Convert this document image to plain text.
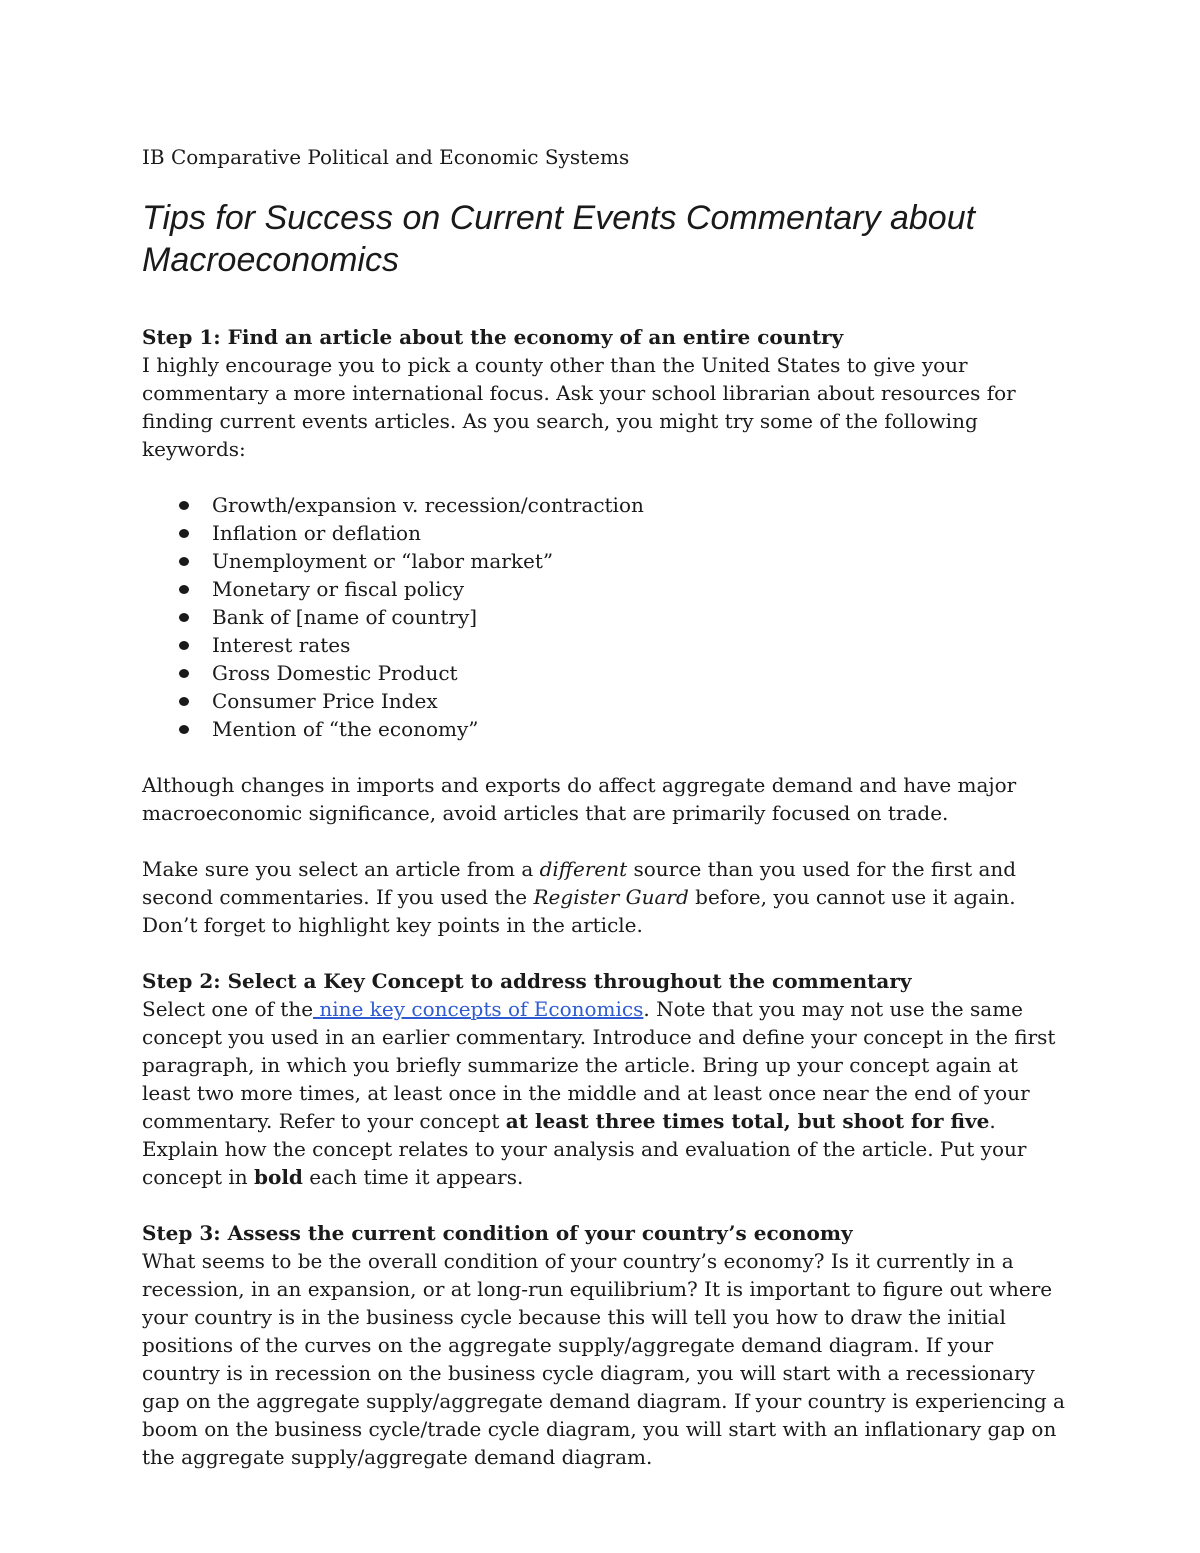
IB Comparative Political and Economic Systems

Tips for Success on Current Events Commentary about Macroeconomics

Step 1: Find an article about the economy of an entire country

I highly encourage you to pick a county other than the United States to give your commentary a more international focus. Ask your school librarian about resources for finding current events articles. As you search, you might try some of the following keywords:

Growth/expansion v. recession/contraction
Inflation or deflation
Unemployment or “labor market”
Monetary or fiscal policy
Bank of [name of country]
Interest rates
Gross Domestic Product
Consumer Price Index
Mention of “the economy”

Although changes in imports and exports do affect aggregate demand and have major macroeconomic significance, avoid articles that are primarily focused on trade.

Make sure you select an article from a different source than you used for the first and second commentaries. If you used the Register Guard before, you cannot use it again. Don’t forget to highlight key points in the article.

Step 2: Select a Key Concept to address throughout the commentary

Select one of the nine key concepts of Economics. Note that you may not use the same concept you used in an earlier commentary. Introduce and define your concept in the first paragraph, in which you briefly summarize the article. Bring up your concept again at least two more times, at least once in the middle and at least once near the end of your commentary. Refer to your concept at least three times total, but shoot for five. Explain how the concept relates to your analysis and evaluation of the article. Put your concept in bold each time it appears.

Step 3: Assess the current condition of your country’s economy

What seems to be the overall condition of your country’s economy? Is it currently in a recession, in an expansion, or at long-run equilibrium? It is important to figure out where your country is in the business cycle because this will tell you how to draw the initial positions of the curves on the aggregate supply/aggregate demand diagram. If your country is in recession on the business cycle diagram, you will start with a recessionary gap on the aggregate supply/aggregate demand diagram. If your country is experiencing a boom on the business cycle/trade cycle diagram, you will start with an inflationary gap on the aggregate supply/aggregate demand diagram.
